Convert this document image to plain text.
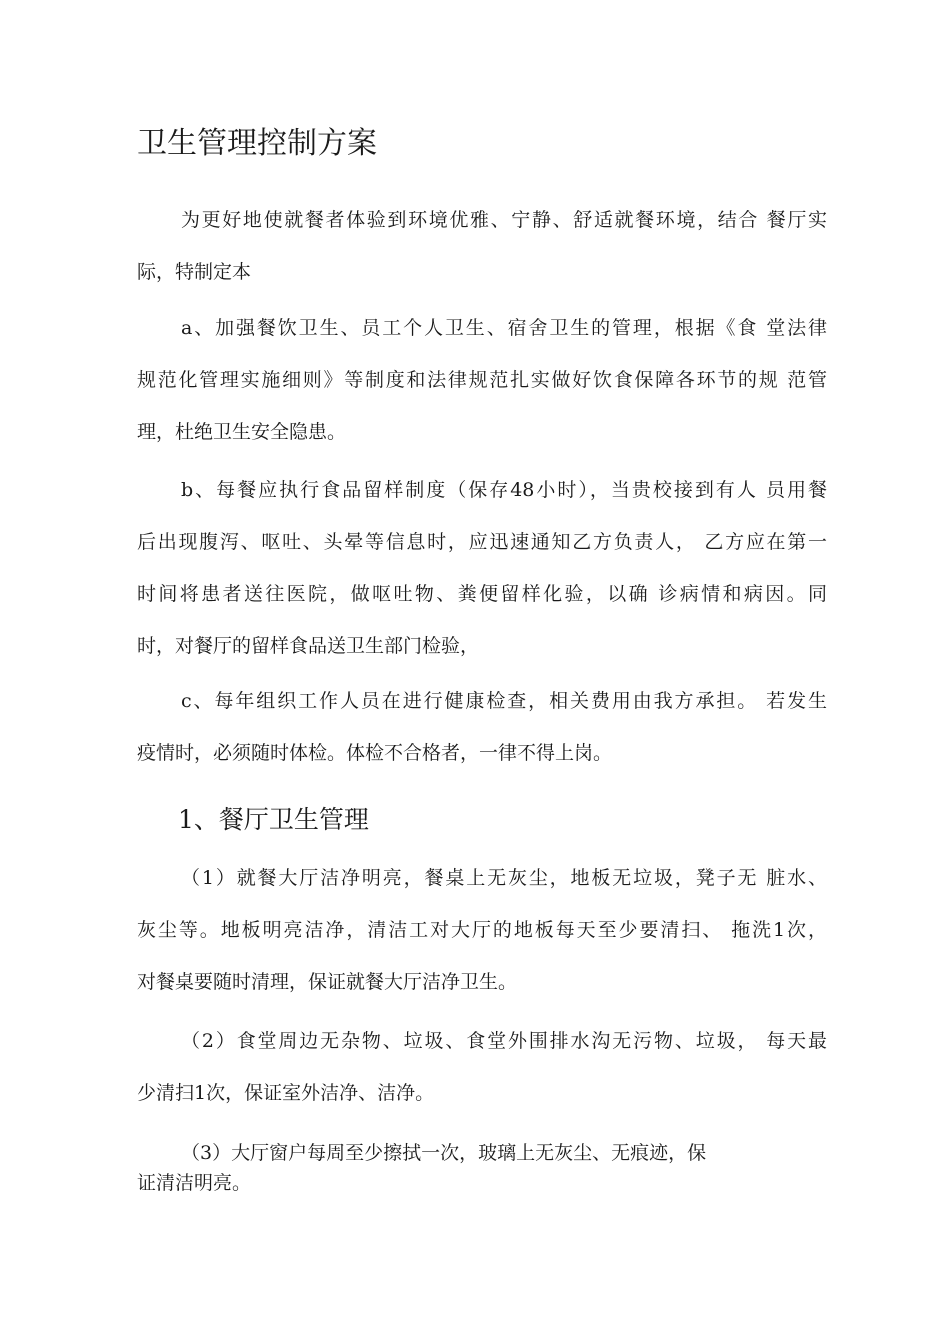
卫生管理控制方案
为更好地使就餐者体验到环境优雅、宁静、舒适就餐环境，结合 餐厅实
际，特制定本
a、加强餐饮卫生、员工个人卫生、宿舍卫生的管理，根据《食 堂法律
规范化管理实施细则》等制度和法律规范扎实做好饮食保障各环节的规 范管
理，杜绝卫生安全隐患。
b、每餐应执行食品留样制度（保存48小时），当贵校接到有人 员用餐
后出现腹泻、呕吐、头晕等信息时，应迅速通知乙方负责人， 乙方应在第一
时间将患者送往医院，做呕吐物、粪便留样化验，以确 诊病情和病因。同
时，对餐厅的留样食品送卫生部门检验，
c、每年组织工作人员在进行健康检查，相关费用由我方承担。 若发生
疫情时，必须随时体检。体检不合格者，一律不得上岗。
1、餐厅卫生管理
（1）就餐大厅洁净明亮，餐桌上无灰尘，地板无垃圾，凳子无 脏水、
灰尘等。地板明亮洁净，清洁工对大厅的地板每天至少要清扫、 拖洗1次，
对餐桌要随时清理，保证就餐大厅洁净卫生。
（2）食堂周边无杂物、垃圾、食堂外围排水沟无污物、垃圾， 每天最
少清扫1次，保证室外洁净、洁净。
（3）大厅窗户每周至少擦拭一次，玻璃上无灰尘、无痕迹，保
证清洁明亮。
